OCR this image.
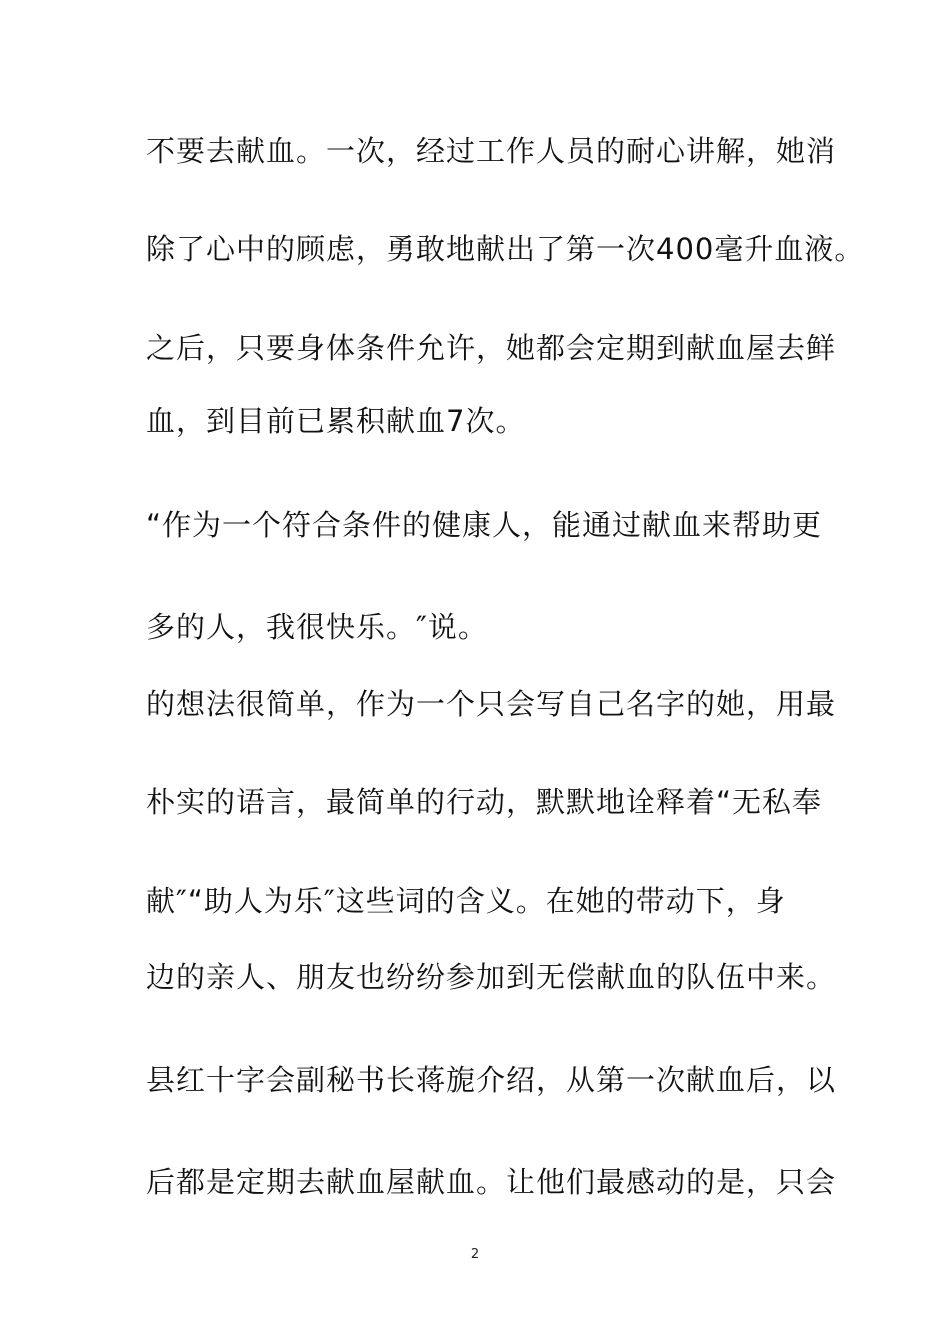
不要去献血。一次，经过工作人员的耐心讲解，她消
除了心中的顾虑，勇敢地献出了第一次400毫升血液。
之后，只要身体条件允许，她都会定期到献血屋去鲜
血，到目前已累积献血7次。
“作为一个符合条件的健康人，能通过献血来帮助更
多的人，我很快乐。″说。
的想法很简单，作为一个只会写自己名字的她，用最
朴实的语言，最简单的行动，默默地诠释着“无私奉
献″“助人为乐″这些词的含义。在她的带动下，身
边的亲人、朋友也纷纷参加到无偿献血的队伍中来。
县红十字会副秘书长蒋旎介绍，从第一次献血后，以
后都是定期去献血屋献血。让他们最感动的是，只会
2
